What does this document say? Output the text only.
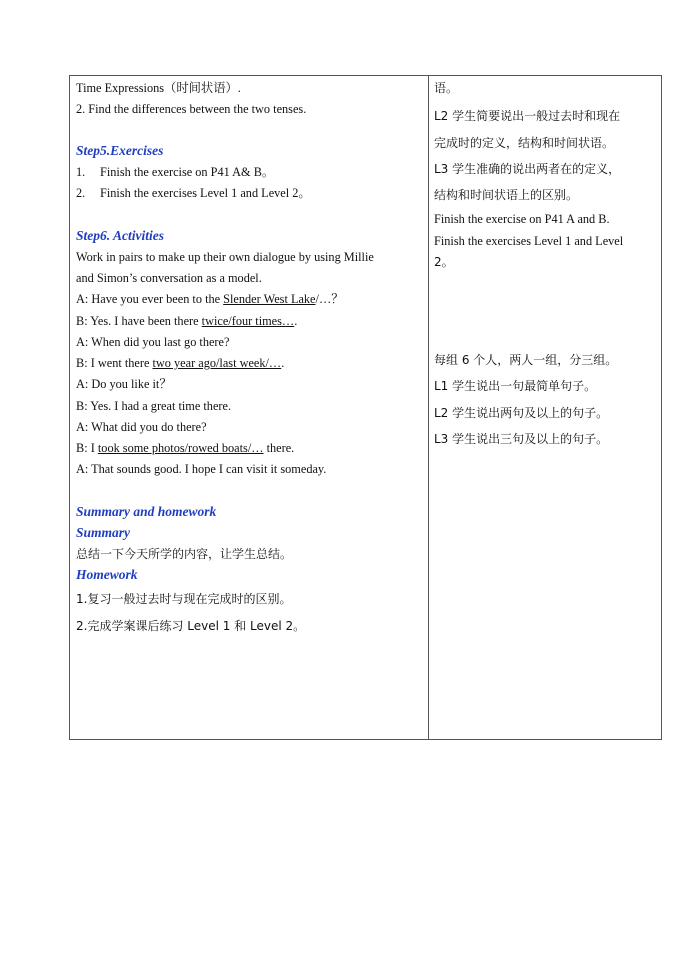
Time Expressions（时间状语）.
2. Find the differences between the two tenses.
Step5.Exercises
1. Finish the exercise on P41 A& B。
2. Finish the exercises Level 1 and Level 2。
Step6. Activities
Work in pairs to make up their own dialogue by using Millie
and Simon’s conversation as a model.
A: Have you ever been to the Slender West Lake/…？
B: Yes. I have been there twice/four times….
A: When did you last go there?
B: I went there two year ago/last week/….
A: Do you like it？
B: Yes. I had a great time there.
A: What did you do there?
B: I took some photos/rowed boats/… there.
A: That sounds good. I hope I can visit it someday.
Summary and homework
Summary
总结一下今天所学的内容，让学生总结。
Homework
1.复习一般过去时与现在完成时的区别。
2.完成学案课后练习 Level 1 和 Level 2。
语。
L2 学生简要说出一般过去时和现在
完成时的定义，结构和时间状语。
L3 学生准确的说出两者在的定义，
结构和时间状语上的区别。
Finish the exercise on P41 A and B.
Finish the exercises Level 1 and Level
2。
每组 6 个人，两人一组，分三组。
L1 学生说出一句最简单句子。
L2 学生说出两句及以上的句子。
L3 学生说出三句及以上的句子。
